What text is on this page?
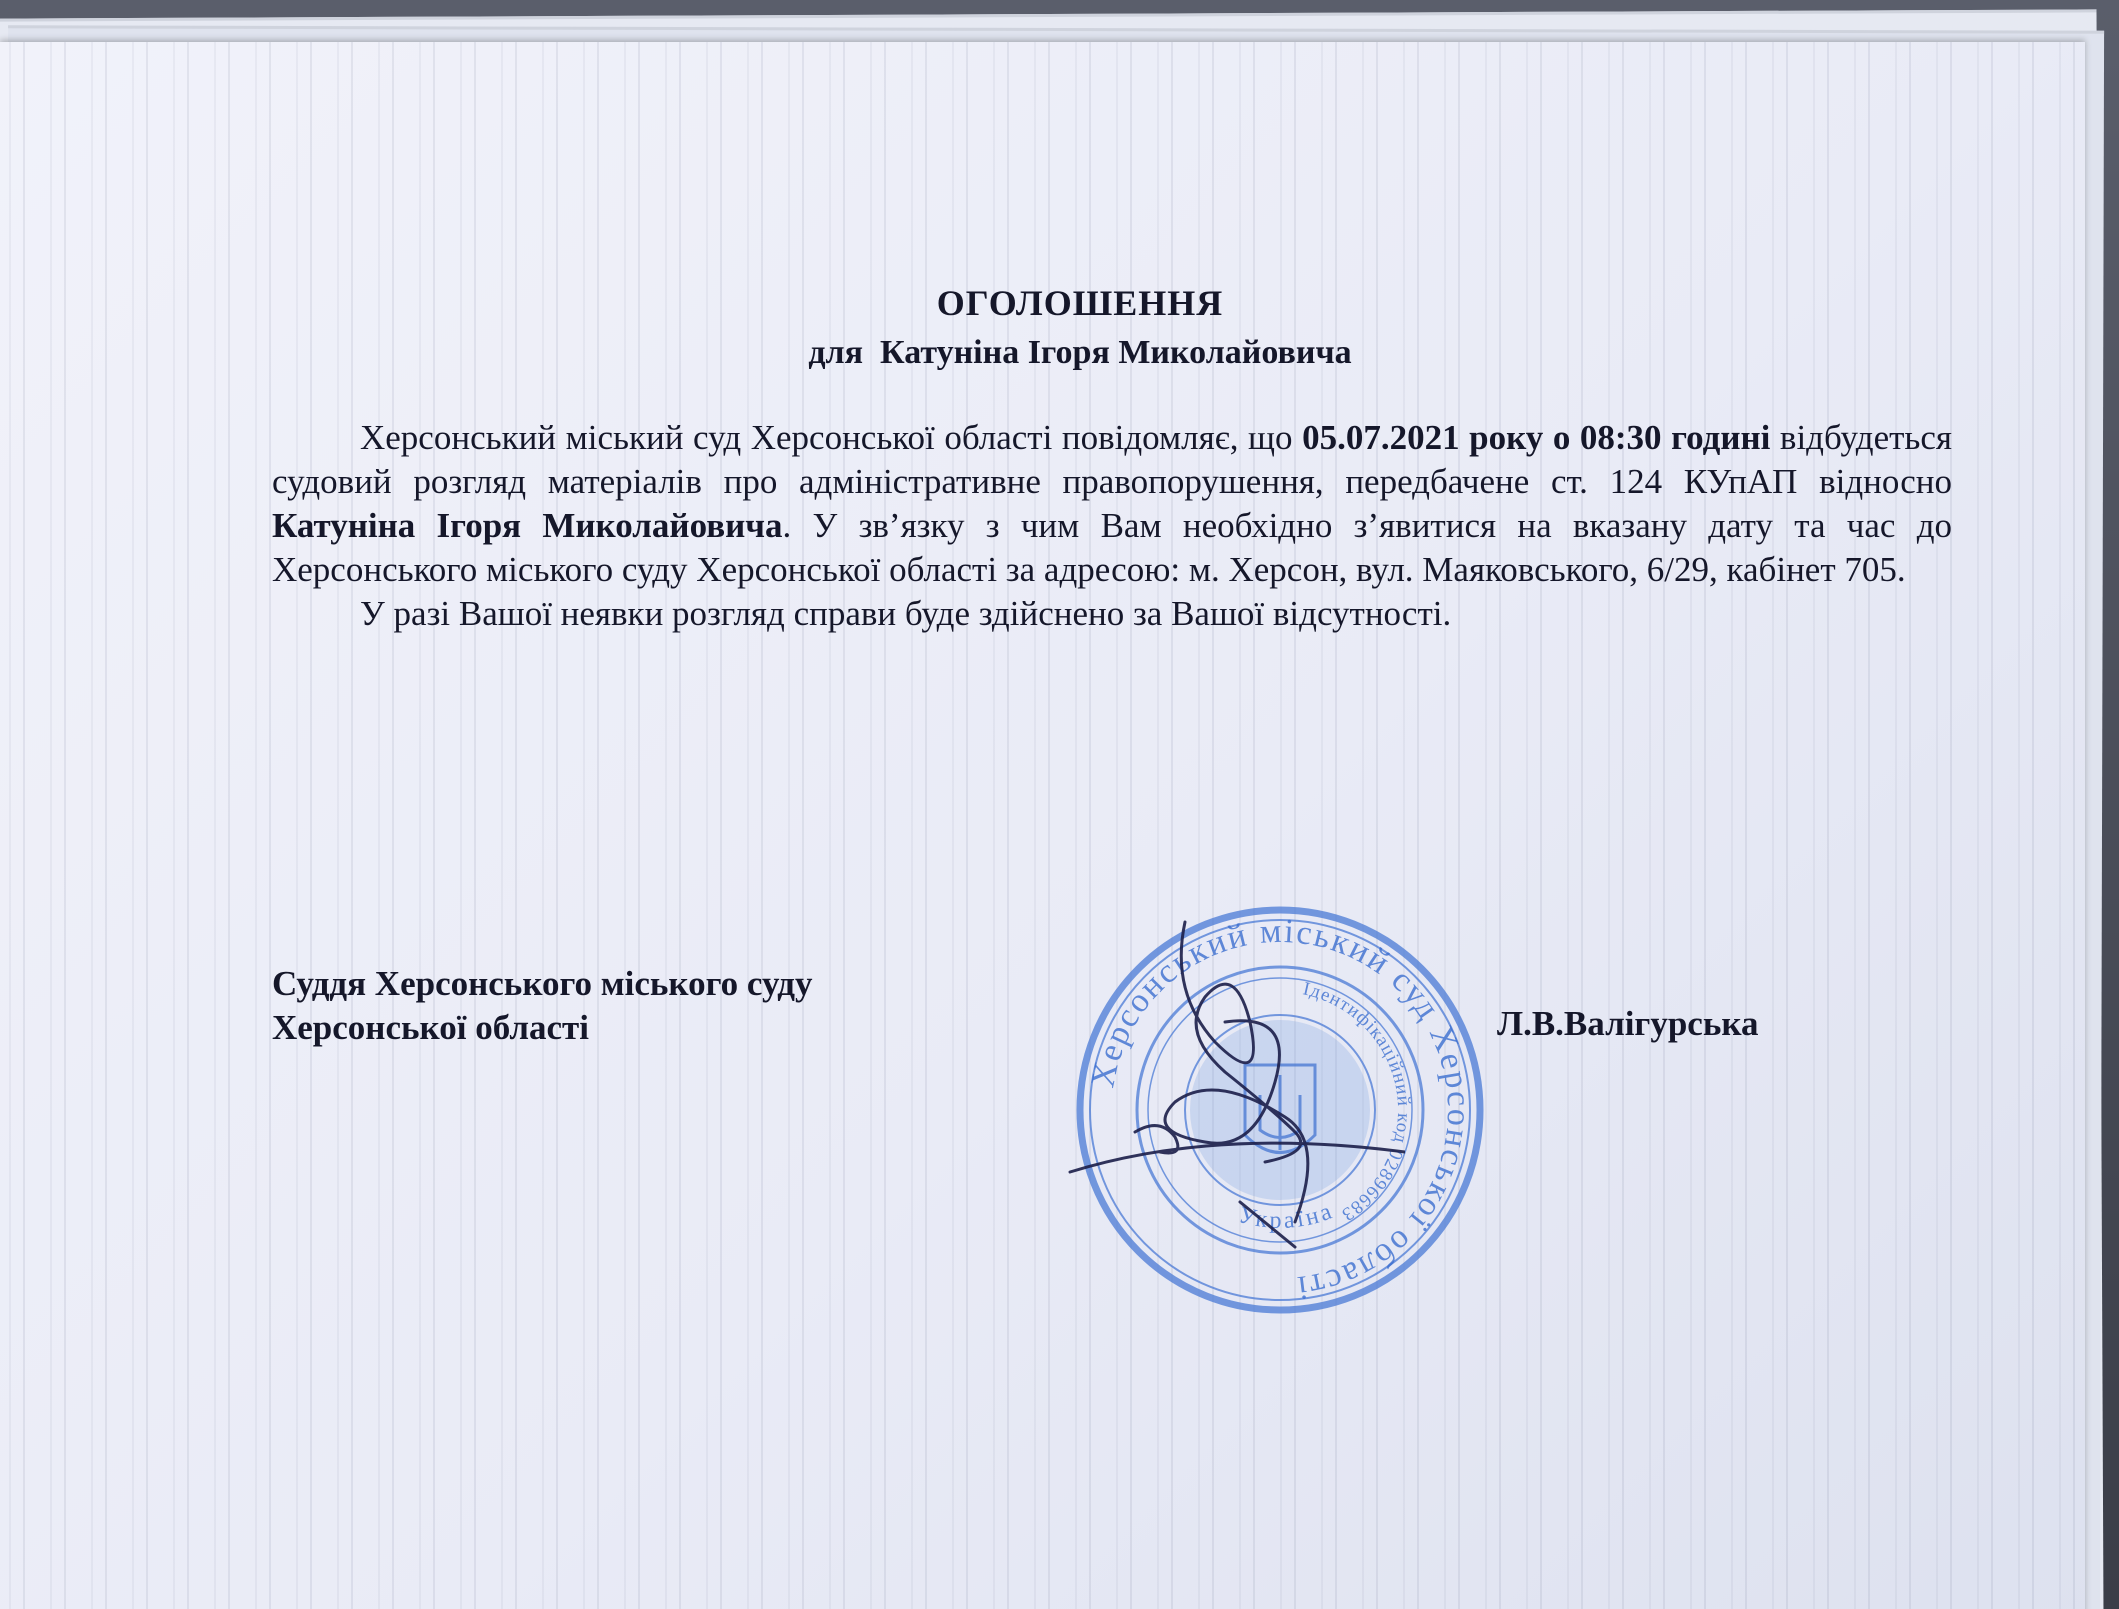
ОГОЛОШЕННЯ
для Катуніна Ігоря Миколайовича

Херсонський міський суд Херсонської області повідомляє, що 05.07.2021 року о 08:30 годині відбудеться судовий розгляд матеріалів про адміністративне правопорушення, передбачене ст. 124 КУпАП відносно Катуніна Ігоря Миколайовича. У зв’язку з чим Вам необхідно з’явитися на вказану дату та час до Херсонського міського суду Херсонської області за адресою: м. Херсон, вул. Маяковського, 6/29, кабінет 705.

У разі Вашої неявки розгляд справи буде здійснено за Вашої відсутності.

Суддя Херсонського міського суду
Херсонської області
Херсонський міський суд Херсонської області
Ідентифікаційний код 02896683
Україна
Л.В.Валігурська
